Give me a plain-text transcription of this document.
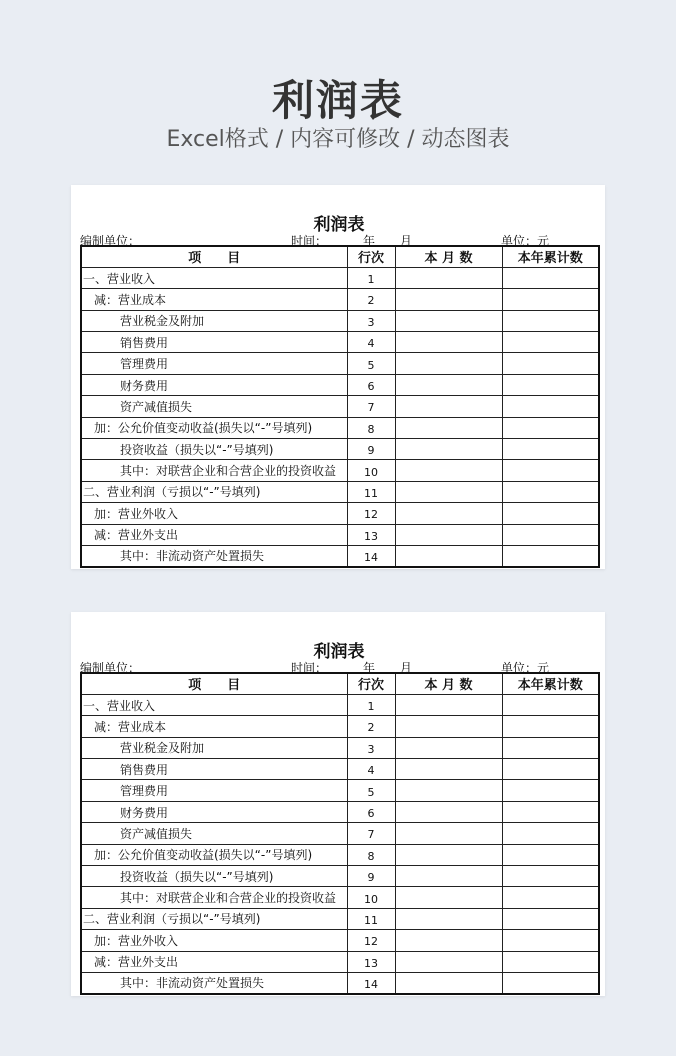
利润表
Excel格式 / 内容可修改 / 动态图表
利润表
编制单位：	时间：	年 月	单位：元
项　　目	行次	本 月 数	本年累计数
一、营业收入	1		
减：营业成本	2		
营业税金及附加	3		
销售费用	4		
管理费用	5		
财务费用	6		
资产减值损失	7		
加：公允价值变动收益(损失以“-”号填列)	8		
投资收益（损失以“-”号填列)	9		
其中：对联营企业和合营企业的投资收益	10		
二、营业利润（亏损以“-”号填列)	11		
加：营业外收入	12		
减：营业外支出	13		
其中：非流动资产处置损失	14		
利润表
编制单位：	时间：	年 月	单位：元
项　　目	行次	本 月 数	本年累计数
一、营业收入	1		
减：营业成本	2		
营业税金及附加	3		
销售费用	4		
管理费用	5		
财务费用	6		
资产减值损失	7		
加：公允价值变动收益(损失以“-”号填列)	8		
投资收益（损失以“-”号填列)	9		
其中：对联营企业和合营企业的投资收益	10		
二、营业利润（亏损以“-”号填列)	11		
加：营业外收入	12		
减：营业外支出	13		
其中：非流动资产处置损失	14		
